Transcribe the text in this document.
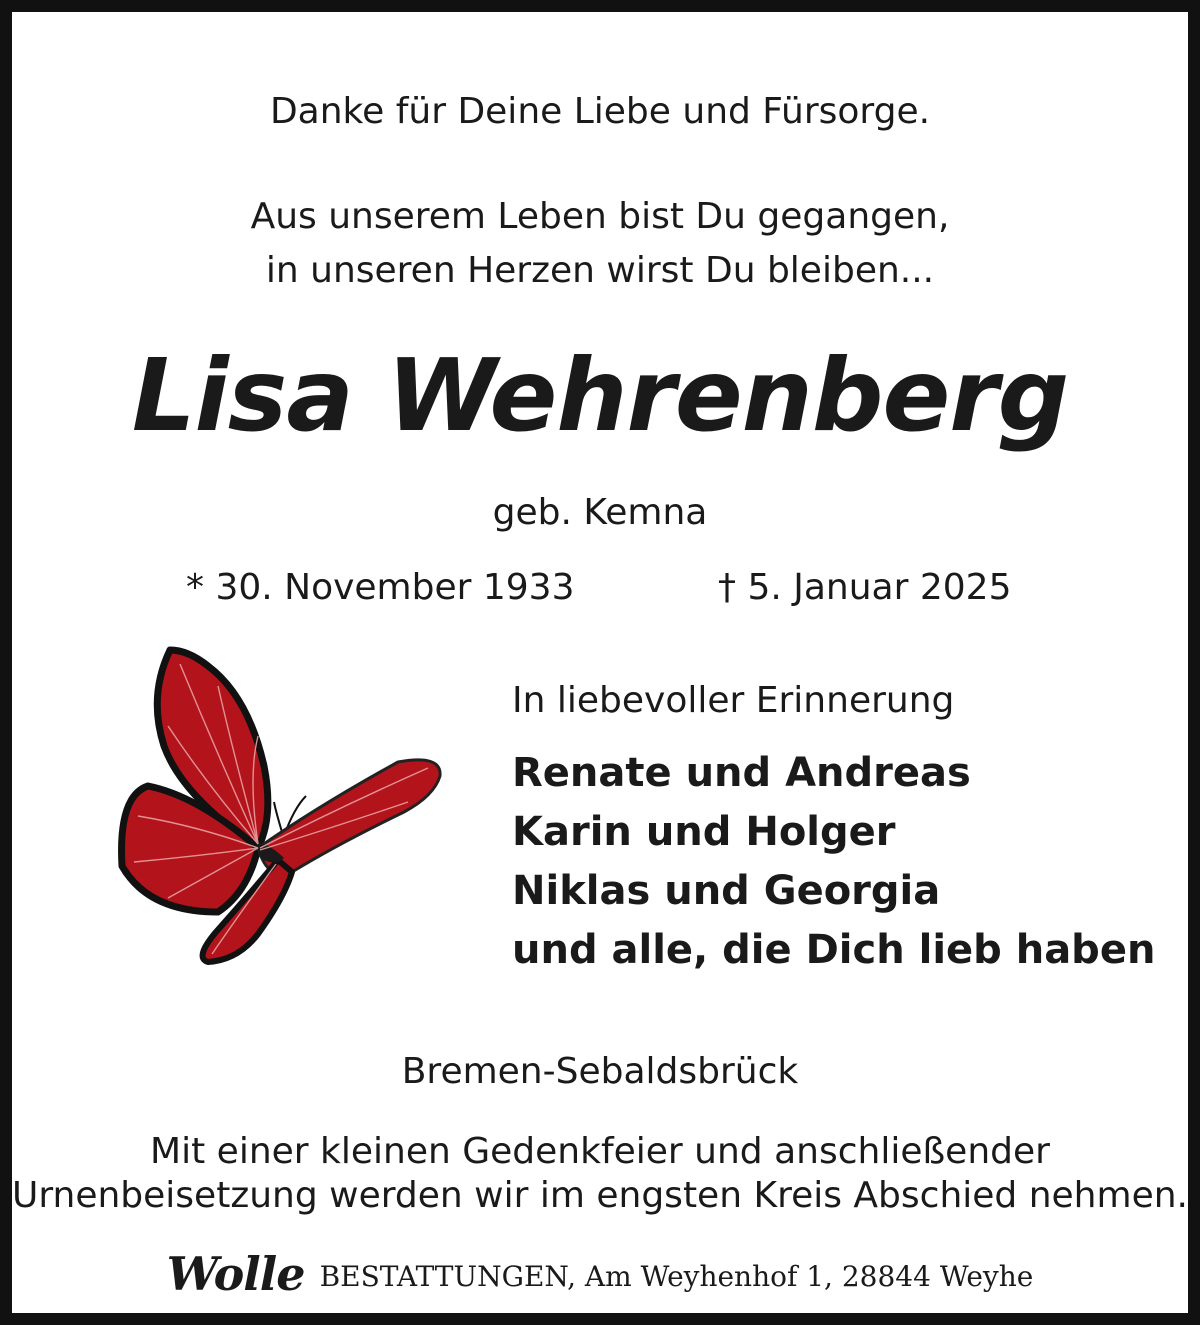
Danke für Deine Liebe und Fürsorge.
Aus unserem Leben bist Du gegangen,
in unseren Herzen wirst Du bleiben...
Lisa Wehrenberg
geb. Kemna
* 30. November 1933	† 5. Januar 2025
In liebevoller Erinnerung
Renate und Andreas
Karin und Holger
Niklas und Georgia
und alle, die Dich lieb haben
Bremen-Sebaldsbrück
Mit einer kleinen Gedenkfeier und anschließender
Urnenbeisetzung werden wir im engsten Kreis Abschied nehmen.
Wolle BESTATTUNGEN, Am Weyhenhof 1, 28844 Weyhe
